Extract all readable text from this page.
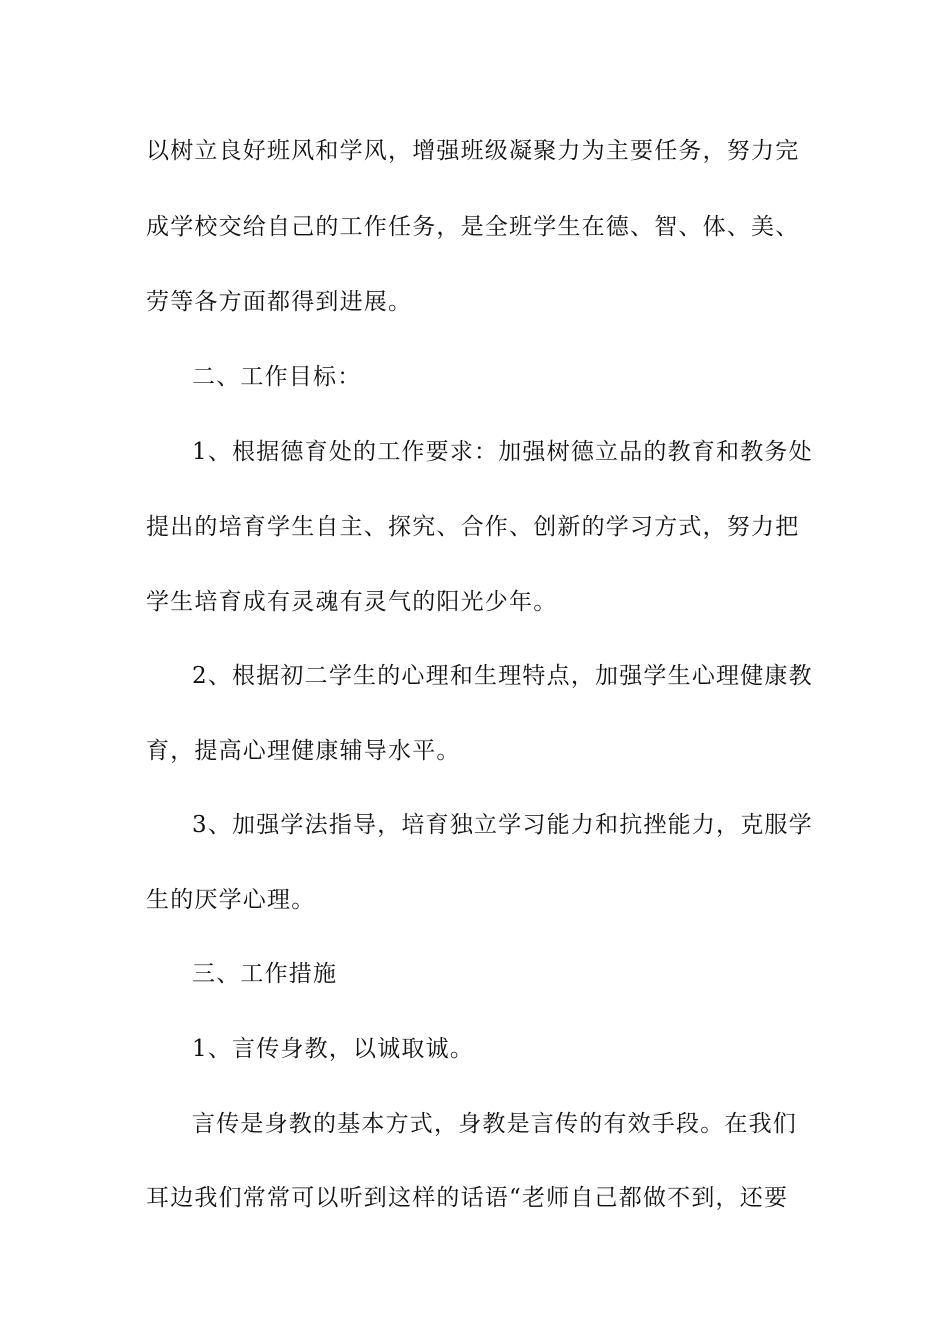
以树立良好班风和学风，增强班级凝聚力为主要任务，努力完
成学校交给自己的工作任务，是全班学生在德、智、体、美、
劳等各方面都得到进展。
二、工作目标：
1、根据德育处的工作要求：加强树德立品的教育和教务处
提出的培育学生自主、探究、合作、创新的学习方式，努力把
学生培育成有灵魂有灵气的阳光少年。
2、根据初二学生的心理和生理特点，加强学生心理健康教
育，提高心理健康辅导水平。
3、加强学法指导，培育独立学习能力和抗挫能力，克服学
生的厌学心理。
三、工作措施
1、言传身教，以诚取诚。
言传是身教的基本方式，身教是言传的有效手段。在我们
耳边我们常常可以听到这样的话语“老师自己都做不到，还要
